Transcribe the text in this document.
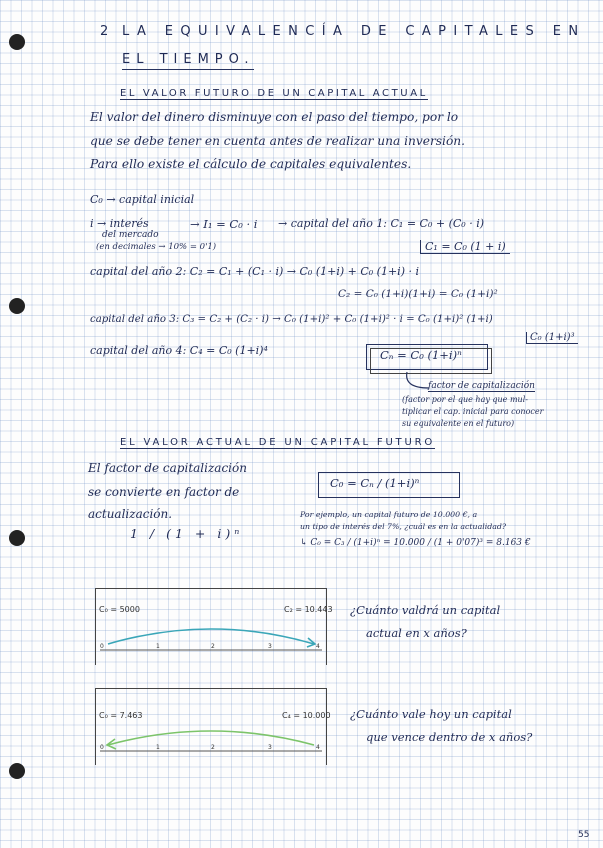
2 LA EQUIVALENCÍA DE CAPITALES EN
EL TIEMPO.
EL VALOR FUTURO DE UN CAPITAL ACTUAL
El valor del dinero disminuye con el paso del tiempo, por lo
que se debe tener en cuenta antes de realizar una inversión.
Para ello existe el cálculo de capitales equivalentes.
C₀ → capital inicial
i → interés
del mercado
(en decimales → 10% = 0'1)
→ I₁ = C₀ · i → capital del año 1: C₁ = C₀ + (C₀ · i)
C₁ = C₀ (1 + i)
capital del año 2: C₂ = C₁ + (C₁ · i) → C₀ (1+i) + C₀ (1+i) · i
C₂ = C₀ (1+i)(1+i) = C₀ (1+i)²
capital del año 3: C₃ = C₂ + (C₂ · i) → C₀ (1+i)² + C₀ (1+i)² · i = C₀ (1+i)² (1+i)
C₀ (1+i)³
capital del año 4: C₄ = C₀ (1+i)⁴	Cₙ = C₀ (1+i)ⁿ
factor de capitalización
(factor por el que hay que mul-
tiplicar el cap. inicial para conocer
su equivalente en el futuro)
EL VALOR ACTUAL DE UN CAPITAL FUTURO
El factor de capitalización
se convierte en factor de
actualización.
1 / (1 + i)ⁿ
C₀ = Cₙ / (1+i)ⁿ
Por ejemplo, un capital futuro de 10.000 €, a
un tipo de interés del 7%, ¿cuál es en la actualidad?
↳ C₀ = C₃ / (1+i)ⁿ = 10.000 / (1 + 0'07)³ = 8.163 €
C₀ = 5000	C₂ = 10.443
0	1	2	3	4
¿Cuánto valdrá un capital
actual en x años?
C₀ = 7.463	C₄ = 10.000
0	1	2	3	4
¿Cuánto vale hoy un capital
que vence dentro de x años?
55
